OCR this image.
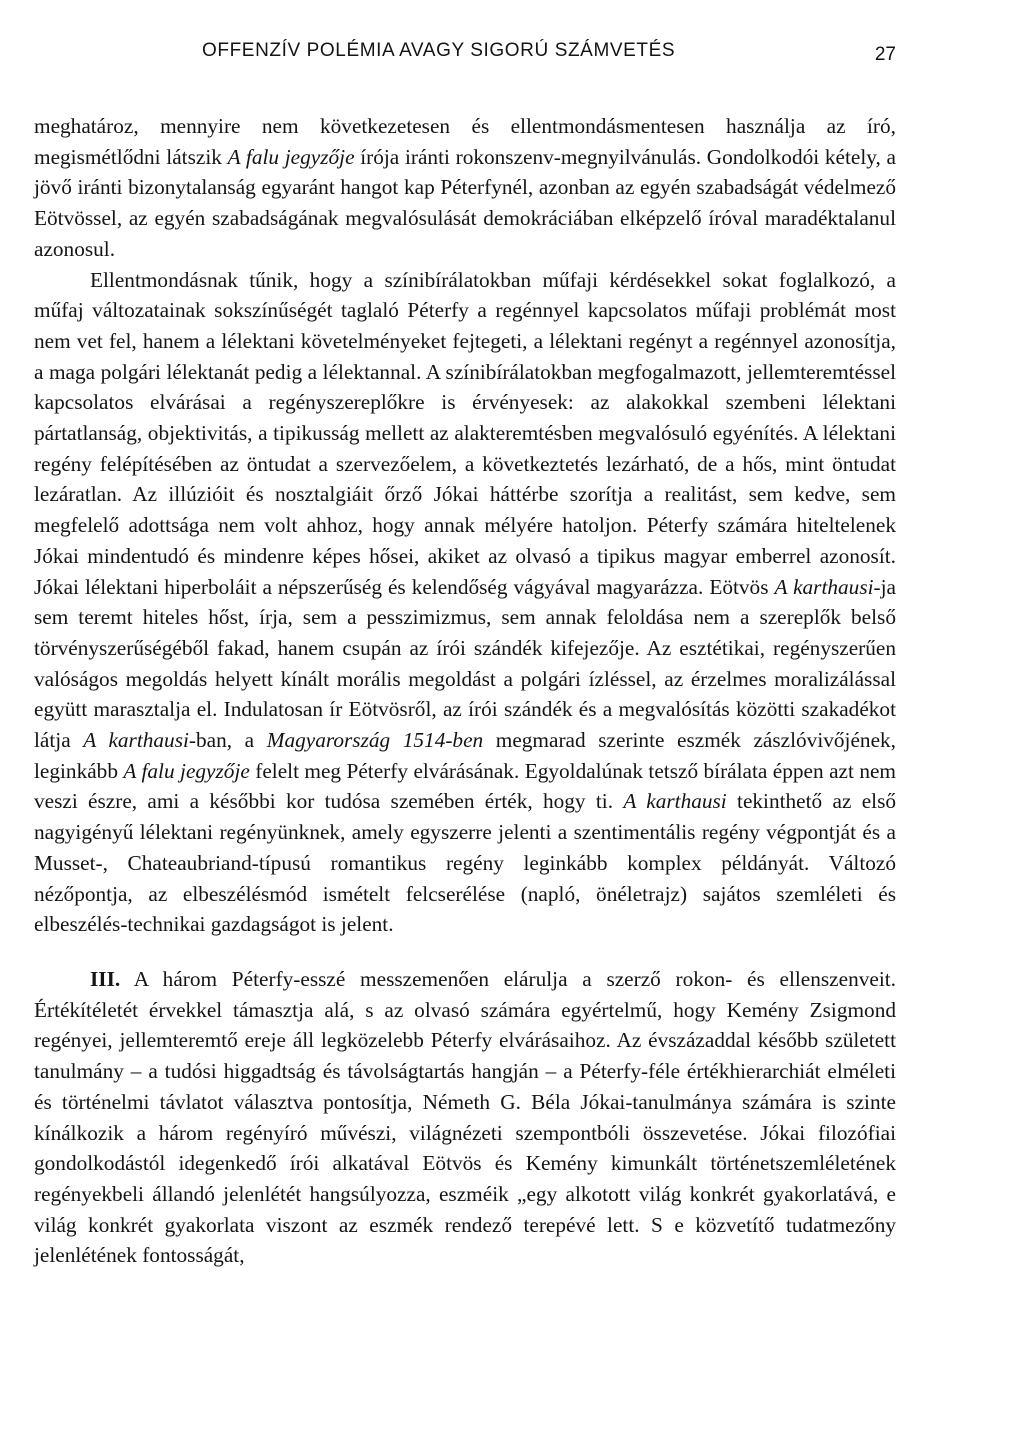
OFFENZÍV POLÉMIA AVAGY SIGORÚ SZÁMVETÉS	27

meghatároz, mennyire nem következetesen és ellentmondásmentesen használja az író, megismétlődni látszik A falu jegyzője írója iránti rokonszenv-megnyilvánulás. Gondolkodói kétely, a jövő iránti bizonytalanság egyaránt hangot kap Péterfynél, azonban az egyén szabadságát védelmező Eötvössel, az egyén szabadságának megvalósulását demokráciában elképzelő íróval maradéktalanul azonosul.

Ellentmondásnak tűnik, hogy a színibírálatokban műfaji kérdésekkel sokat foglalkozó, a műfaj változatainak sokszínűségét taglaló Péterfy a regénnyel kapcsolatos műfaji problémát most nem vet fel, hanem a lélektani követelményeket fejtegeti, a lélektani regényt a regénnyel azonosítja, a maga polgári lélektanát pedig a lélektannal. A színibírálatokban megfogalmazott, jellemteremtéssel kapcsolatos elvárásai a regényszereplőkre is érvényesek: az alakokkal szembeni lélektani pártatlanság, objektivitás, a tipikusság mellett az alakteremtésben megvalósuló egyénítés. A lélektani regény felépítésében az öntudat a szervezőelem, a következtetés lezárható, de a hős, mint öntudat lezáratlan. Az illúzióit és nosztalgiáit őrző Jókai háttérbe szorítja a realitást, sem kedve, sem megfelelő adottsága nem volt ahhoz, hogy annak mélyére hatoljon. Péterfy számára hiteltelenek Jókai mindentudó és mindenre képes hősei, akiket az olvasó a tipikus magyar emberrel azonosít. Jókai lélektani hiperboláit a népszerűség és kelendőség vágyával magyarázza. Eötvös A karthausi-ja sem teremt hiteles hőst, írja, sem a pesszimizmus, sem annak feloldása nem a szereplők belső törvényszerűségéből fakad, hanem csupán az írói szándék kifejezője. Az esztétikai, regényszerűen valóságos megoldás helyett kínált morális megoldást a polgári ízléssel, az érzelmes moralizálással együtt marasztalja el. Indulatosan ír Eötvösről, az írói szándék és a megvalósítás közötti szakadékot látja A karthausi-ban, a Magyarország 1514-ben megmarad szerinte eszmék zászlóvivőjének, leginkább A falu jegyzője felelt meg Péterfy elvárásának. Egyoldalúnak tetsző bírálata éppen azt nem veszi észre, ami a későbbi kor tudósa szemében érték, hogy ti. A karthausi tekinthető az első nagyigényű lélektani regényünknek, amely egyszerre jelenti a szentimentális regény végpontját és a Musset-, Chateaubriand-típusú romantikus regény leginkább komplex példányát. Változó nézőpontja, az elbeszélésmód ismételt felcserélése (napló, önéletrajz) sajátos szemléleti és elbeszélés-technikai gazdagságot is jelent.

III. A három Péterfy-esszé messzemenően elárulja a szerző rokon- és ellenszenveit. Értékítéletét érvekkel támasztja alá, s az olvasó számára egyértelmű, hogy Kemény Zsigmond regényei, jellemteremtő ereje áll legközelebb Péterfy elvárásaihoz. Az évszázaddal később született tanulmány – a tudósi higgadtság és távolságtartás hangján – a Péterfy-féle értékhierarchiát elméleti és történelmi távlatot választva pontosítja, Németh G. Béla Jókai-tanulmánya számára is szinte kínálkozik a három regényíró művészi, világnézeti szempontbóli összevetése. Jókai filozófiai gondolkodástól idegenkedő írói alkatával Eötvös és Kemény kimunkált történetszemléletének regényekbeli állandó jelenlétét hangsúlyozza, eszméik „egy alkotott világ konkrét gyakorlatává, e világ konkrét gyakorlata viszont az eszmék rendező terepévé lett. S e közvetítő tudatmezőny jelenlétének fontosságát,
